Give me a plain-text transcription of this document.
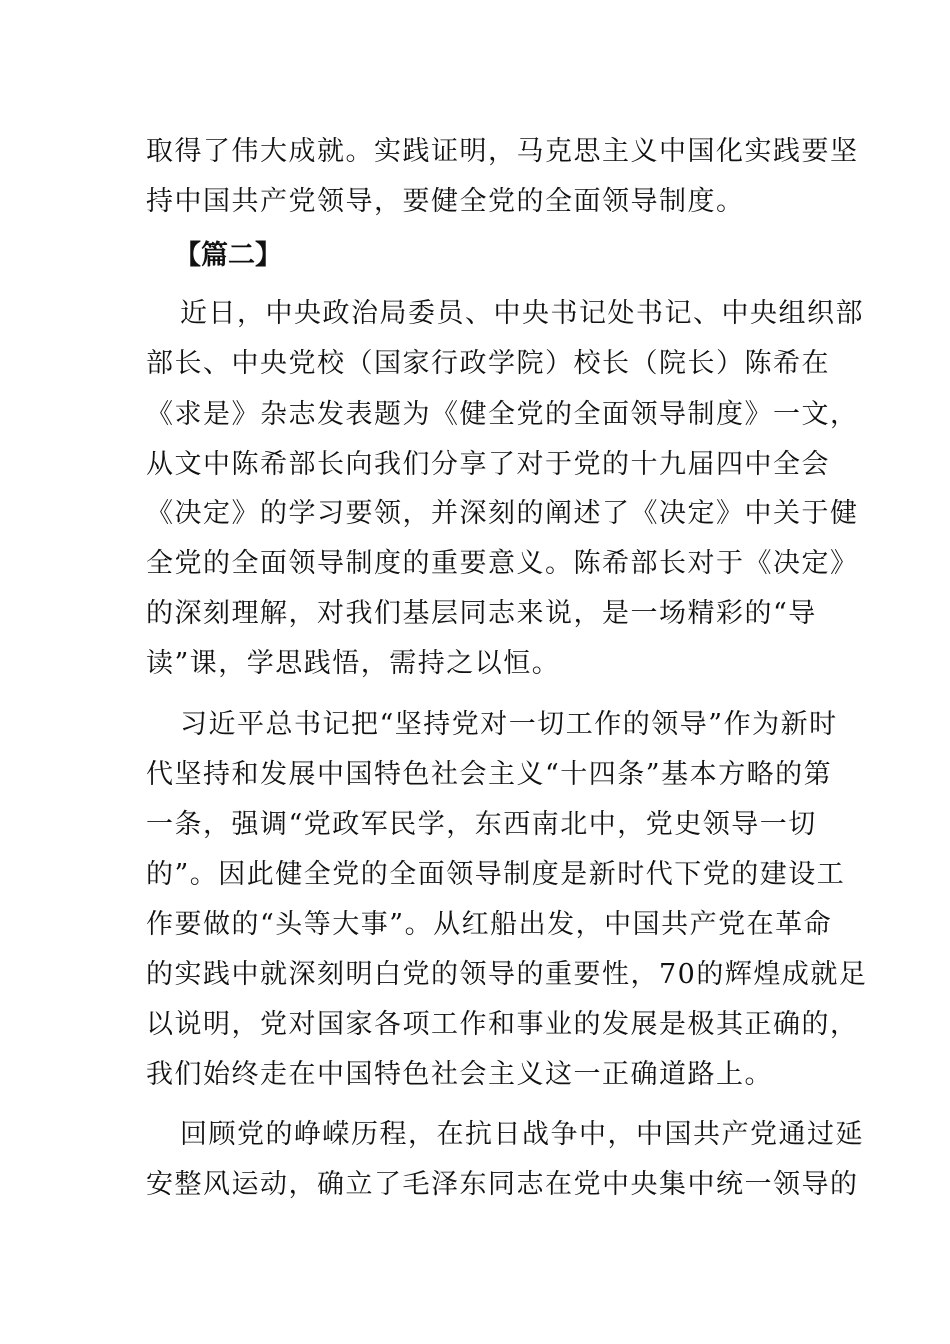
取得了伟大成就。实践证明，马克思主义中国化实践要坚
持中国共产党领导，要健全党的全面领导制度。
【篇二】
近日，中央政治局委员、中央书记处书记、中央组织部
部长、中央党校（国家行政学院）校长（院长）陈希在
《求是》杂志发表题为《健全党的全面领导制度》一文，
从文中陈希部长向我们分享了对于党的十九届四中全会
《决定》的学习要领，并深刻的阐述了《决定》中关于健
全党的全面领导制度的重要意义。陈希部长对于《决定》
的深刻理解，对我们基层同志来说，是一场精彩的“导
读”课，学思践悟，需持之以恒。
习近平总书记把“坚持党对一切工作的领导”作为新时
代坚持和发展中国特色社会主义“十四条”基本方略的第
一条，强调“党政军民学，东西南北中，党史领导一切
的”。因此健全党的全面领导制度是新时代下党的建设工
作要做的“头等大事”。从红船出发，中国共产党在革命
的实践中就深刻明白党的领导的重要性，70的辉煌成就足
以说明，党对国家各项工作和事业的发展是极其正确的，
我们始终走在中国特色社会主义这一正确道路上。
回顾党的峥嵘历程，在抗日战争中，中国共产党通过延
安整风运动，确立了毛泽东同志在党中央集中统一领导的
